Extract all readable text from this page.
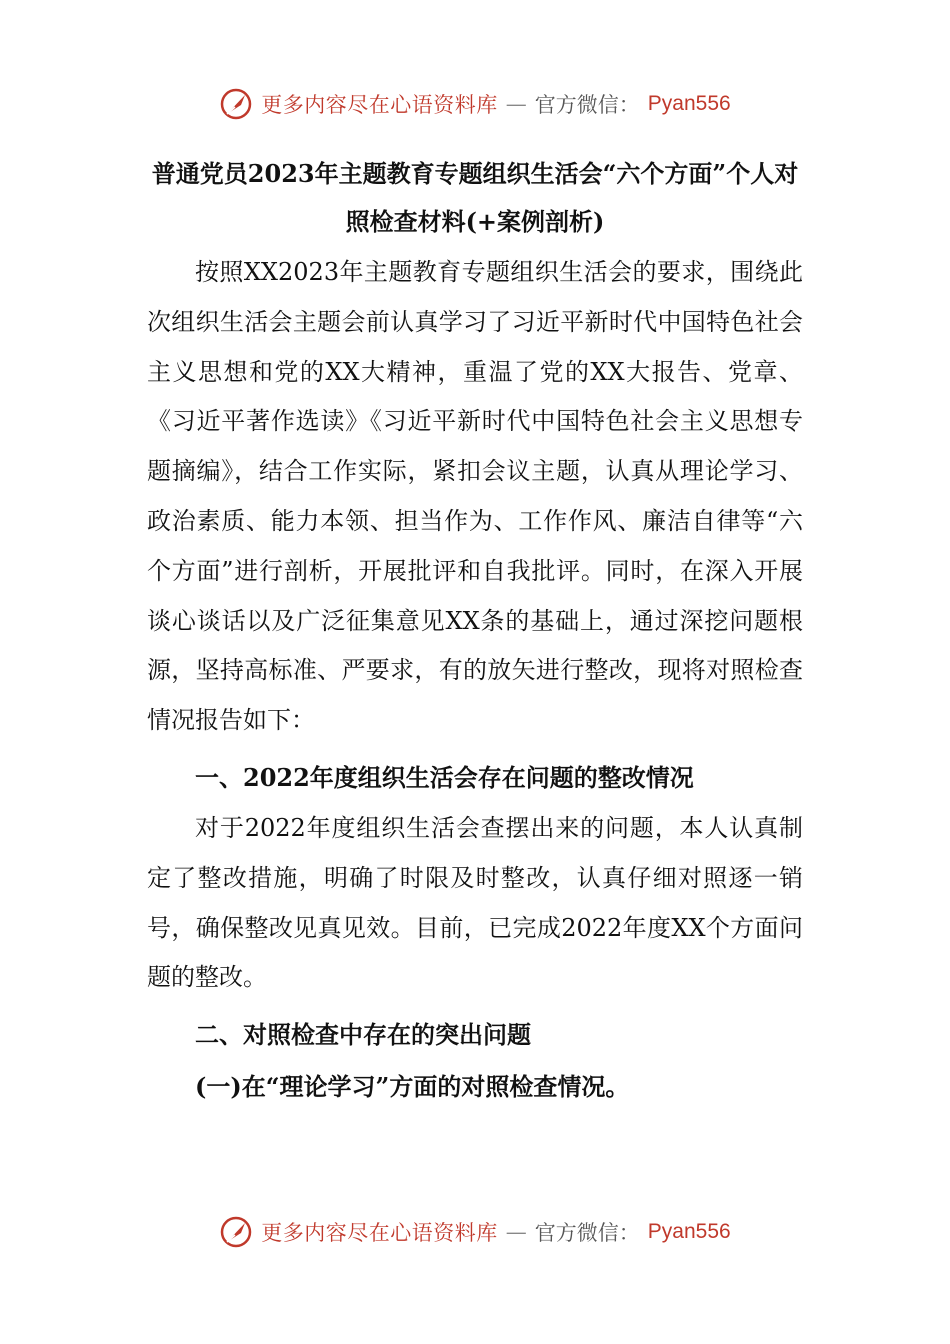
更多内容尽在心语资料库 — 官方微信： Pyan556

普通党员2023年主题教育专题组织生活会“六个方面”个人对照检查材料(+案例剖析)

按照XX2023年主题教育专题组织生活会的要求，围绕此次组织生活会主题会前认真学习了习近平新时代中国特色社会主义思想和党的XX大精神，重温了党的XX大报告、党章、《习近平著作选读》《习近平新时代中国特色社会主义思想专题摘编》，结合工作实际，紧扣会议主题，认真从理论学习、政治素质、能力本领、担当作为、工作作风、廉洁自律等“六个方面”进行剖析，开展批评和自我批评。同时，在深入开展谈心谈话以及广泛征集意见XX条的基础上，通过深挖问题根源，坚持高标准、严要求，有的放矢进行整改，现将对照检查情况报告如下：

一、2022年度组织生活会存在问题的整改情况

对于2022年度组织生活会查摆出来的问题，本人认真制定了整改措施，明确了时限及时整改，认真仔细对照逐一销号，确保整改见真见效。目前，已完成2022年度XX个方面问题的整改。

二、对照检查中存在的突出问题

(一)在“理论学习”方面的对照检查情况。

更多内容尽在心语资料库 — 官方微信： Pyan556
